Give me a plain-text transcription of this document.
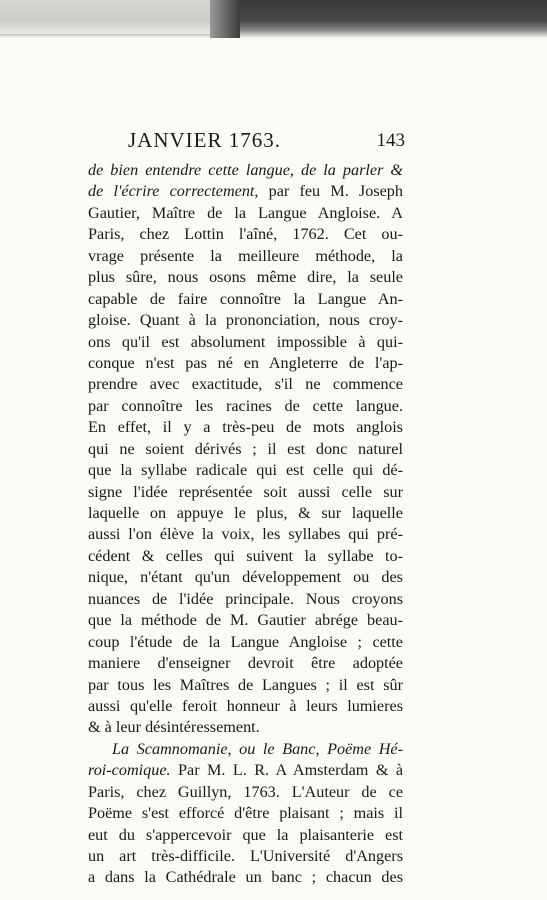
JANVIER 1763.	143
de bien entendre cette langue, de la parler &
de l'écrire correctement, par feu M. Joseph
Gautier, Maître de la Langue Angloise. A
Paris, chez Lottin l'aîné, 1762. Cet ou-
vrage présente la meilleure méthode, la
plus sûre, nous osons même dire, la seule
capable de faire connoître la Langue An-
gloise. Quant à la prononciation, nous croy-
ons qu'il est absolument impossible à qui-
conque n'est pas né en Angleterre de l'ap-
prendre avec exactitude, s'il ne commence
par connoître les racines de cette langue.
En effet, il y a très-peu de mots anglois
qui ne soient dérivés ; il est donc naturel
que la syllabe radicale qui est celle qui dé-
signe l'idée représentée soit aussi celle sur
laquelle on appuye le plus, & sur laquelle
aussi l'on élève la voix, les syllabes qui pré-
cédent & celles qui suivent la syllabe to-
nique, n'étant qu'un développement ou des
nuances de l'idée principale. Nous croyons
que la méthode de M. Gautier abrége beau-
coup l'étude de la Langue Angloise ; cette
maniere d'enseigner devroit être adoptée
par tous les Maîtres de Langues ; il est sûr
aussi qu'elle feroit honneur à leurs lumieres
& à leur désintéressement.
La Scamnomanie, ou le Banc, Poëme Hé-
roi-comique. Par M. L. R. A Amsterdam & à
Paris, chez Guillyn, 1763. L'Auteur de ce
Poëme s'est efforcé d'être plaisant ; mais il
eut du s'appercevoir que la plaisanterie est
un art très-difficile. L'Université d'Angers
a dans la Cathédrale un banc ; chacun des
